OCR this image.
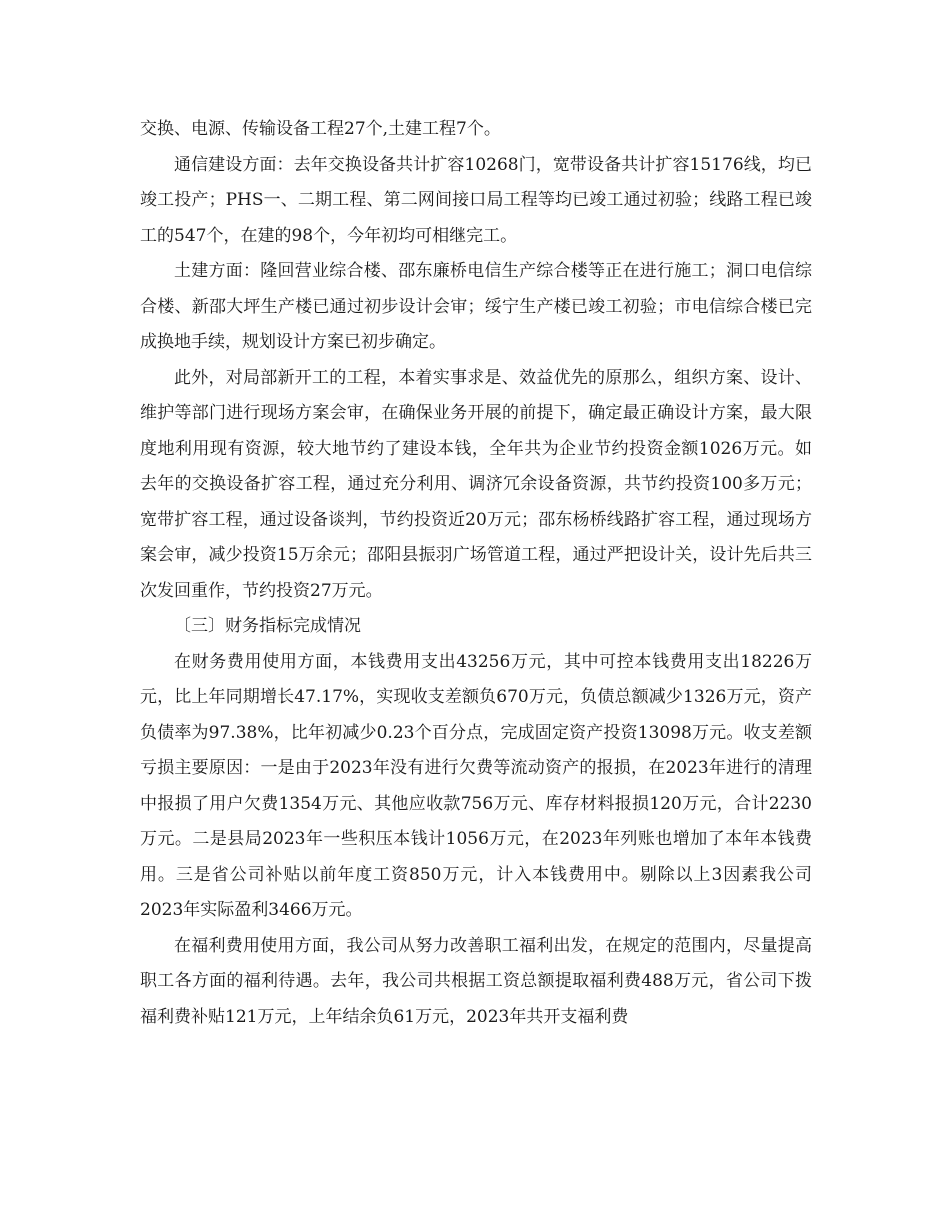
交换、电源、传输设备工程27个,土建工程7个。

通信建设方面：去年交换设备共计扩容10268门，宽带设备共计扩容15176线，均已竣工投产；PHS一、二期工程、第二网间接口局工程等均已竣工通过初验；线路工程已竣工的547个，在建的98个，今年初均可相继完工。

土建方面：隆回营业综合楼、邵东廉桥电信生产综合楼等正在进行施工；洞口电信综合楼、新邵大坪生产楼已通过初步设计会审；绥宁生产楼已竣工初验；市电信综合楼已完成换地手续，规划设计方案已初步确定。

此外，对局部新开工的工程，本着实事求是、效益优先的原那么，组织方案、设计、维护等部门进行现场方案会审，在确保业务开展的前提下，确定最正确设计方案，最大限度地利用现有资源，较大地节约了建设本钱，全年共为企业节约投资金额1026万元。如去年的交换设备扩容工程，通过充分利用、调济冗余设备资源，共节约投资100多万元；宽带扩容工程，通过设备谈判，节约投资近20万元；邵东杨桥线路扩容工程，通过现场方案会审，减少投资15万余元；邵阳县振羽广场管道工程，通过严把设计关，设计先后共三次发回重作，节约投资27万元。

〔三〕财务指标完成情况

在财务费用使用方面，本钱费用支出43256万元，其中可控本钱费用支出18226万元，比上年同期增长47.17%，实现收支差额负670万元，负债总额减少1326万元，资产负债率为97.38%，比年初减少0.23个百分点，完成固定资产投资13098万元。收支差额亏损主要原因：一是由于2023年没有进行欠费等流动资产的报损，在2023年进行的清理中报损了用户欠费1354万元、其他应收款756万元、库存材料报损120万元，合计2230万元。二是县局2023年一些积压本钱计1056万元，在2023年列账也增加了本年本钱费用。三是省公司补贴以前年度工资850万元，计入本钱费用中。剔除以上3因素我公司2023年实际盈利3466万元。

在福利费用使用方面，我公司从努力改善职工福利出发，在规定的范围内，尽量提高职工各方面的福利待遇。去年，我公司共根据工资总额提取福利费488万元，省公司下拨福利费补贴121万元，上年结余负61万元，2023年共开支福利费
